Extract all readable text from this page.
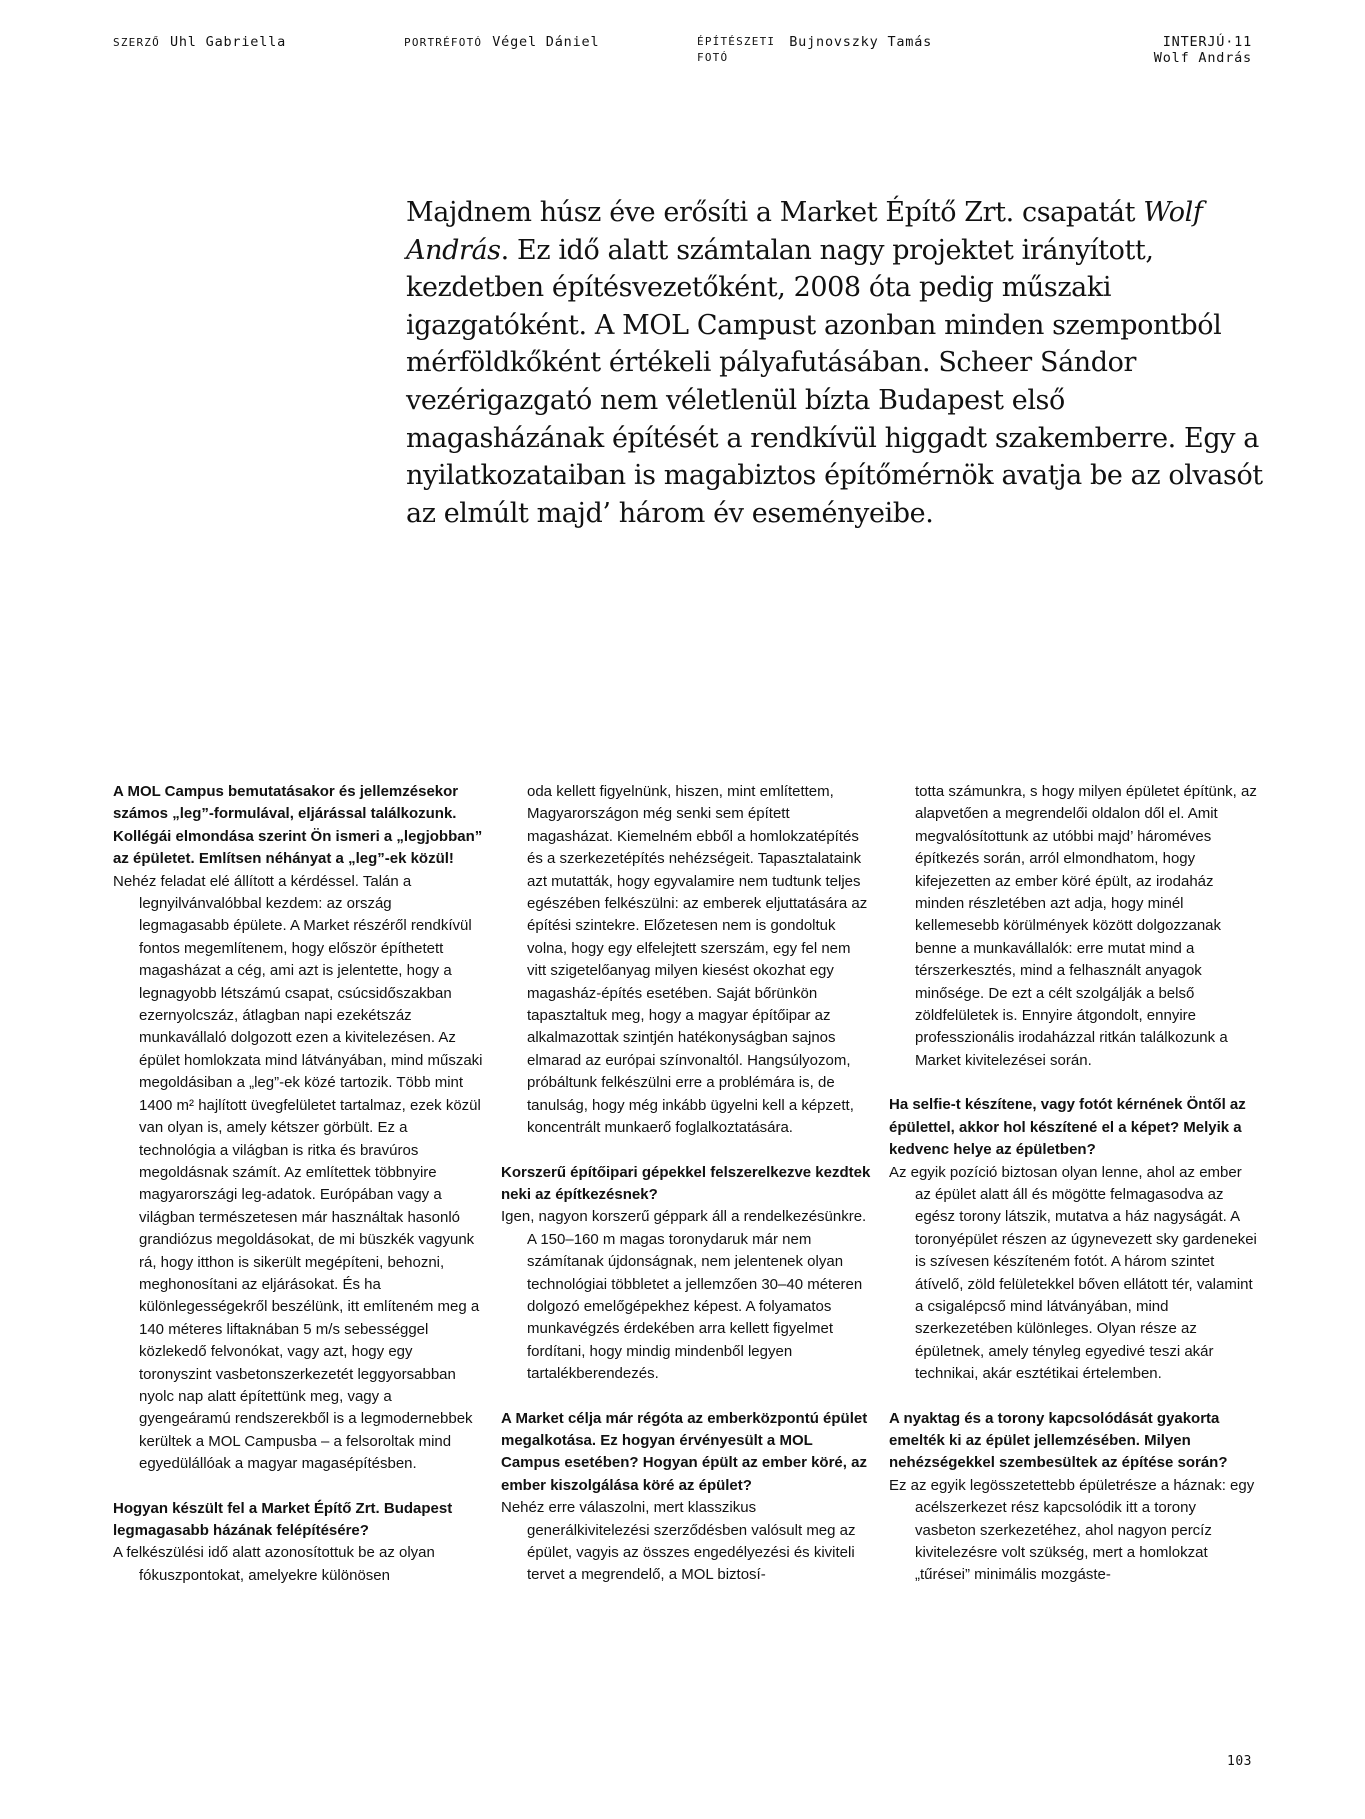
SZERZŐ Uhl Gabriella	PORTRÉFOTÓ Végel Dániel	ÉPÍTÉSZETI
FOTÓBujnovszky Tamás	INTERJÚ·11
Wolf András

Majdnem húsz éve erősíti a Market Építő Zrt. csapatát Wolf András. Ez idő alatt számtalan nagy projektet irányított, kezdetben építésvezetőként, 2008 óta pedig műszaki igazgatóként. A MOL Campust azonban minden szempontból mérföldkőként értékeli pályafutásában. Scheer Sándor vezérigazgató nem véletlenül bízta Budapest első magasházának építését a rendkívül higgadt szakemberre. Egy a nyilatkozataiban is magabiztos építőmérnök avatja be az olvasót az elmúlt majd’ három év eseményeibe.

A MOL Campus bemutatásakor és jellemzésekor számos „leg”-formulával, eljárással találkozunk. Kollégái elmondása szerint Ön ismeri a „legjobban” az épületet. Említsen néhányat a „leg”-ek közül!

Nehéz feladat elé állított a kérdéssel. Talán a legnyilvánvalóbbal kezdem: az ország legmagasabb épülete. A Market részéről rendkívül fontos megemlítenem, hogy először építhetett magasházat a cég, ami azt is jelentette, hogy a legnagyobb létszámú csapat, csúcsidőszakban ezernyolcszáz, átlagban napi ezekétszáz munkavállaló dolgozott ezen a kivitelezésen. Az épület homlokzata mind látványában, mind műszaki megoldásiban a „leg”-ek közé tartozik. Több mint 1400 m² hajlított üvegfelületet tartalmaz, ezek közül van olyan is, amely kétszer görbült. Ez a technológia a világban is ritka és bravúros megoldásnak számít. Az említettek többnyire magyarországi leg-adatok. Európában vagy a világban természetesen már használtak hasonló grandiózus megoldásokat, de mi büszkék vagyunk rá, hogy itthon is sikerült megépíteni, behozni, meghonosítani az eljárásokat. És ha különlegességekről beszélünk, itt említeném meg a 140 méteres liftaknában 5 m/s sebességgel közlekedő felvonókat, vagy azt, hogy egy toronyszint vasbetonszerkezetét leggyorsabban nyolc nap alatt építettünk meg, vagy a gyengeáramú rendszerekből is a legmodernebbek kerültek a MOL Campusba – a felsoroltak mind egyedülállóak a magyar magasépítésben.

Hogyan készült fel a Market Építő Zrt. Budapest legmagasabb házának felépítésére?

A felkészülési idő alatt azonosítottuk be az olyan fókuszpontokat, amelyekre különösen

oda kellett figyelnünk, hiszen, mint említettem, Magyarországon még senki sem épített magasházat. Kiemelném ebből a homlokzatépítés és a szerkezetépítés nehézségeit. Tapasztalataink azt mutatták, hogy egyvalamire nem tudtunk teljes egészében felkészülni: az emberek eljuttatására az építési szintekre. Előzetesen nem is gondoltuk volna, hogy egy elfelejtett szerszám, egy fel nem vitt szigetelőanyag milyen kiesést okozhat egy magasház-építés esetében. Saját bőrünkön tapasztaltuk meg, hogy a magyar építőipar az alkalmazottak szintjén hatékonyságban sajnos elmarad az európai színvonaltól. Hangsúlyozom, próbáltunk felkészülni erre a problémára is, de tanulság, hogy még inkább ügyelni kell a képzett, koncentrált munkaerő foglalkoztatására.

Korszerű építőipari gépekkel felszerelkezve kezdtek neki az építkezésnek?

Igen, nagyon korszerű géppark áll a rendelkezésünkre. A 150–160 m magas toronydaruk már nem számítanak újdonságnak, nem jelentenek olyan technológiai többletet a jellemzően 30–40 méteren dolgozó emelőgépekhez képest. A folyamatos munkavégzés érdekében arra kellett figyelmet fordítani, hogy mindig mindenből legyen tartalékberendezés.

A Market célja már régóta az emberközpontú épület megalkotása. Ez hogyan érvényesült a MOL Campus esetében? Hogyan épült az ember köré, az ember kiszolgálása köré az épület?

Nehéz erre válaszolni, mert klasszikus generálkivitelezési szerződésben valósult meg az épület, vagyis az összes engedélyezési és kiviteli tervet a megrendelő, a MOL biztosí-

totta számunkra, s hogy milyen épületet építünk, az alapvetően a megrendelői oldalon dől el. Amit megvalósítottunk az utóbbi majd’ hároméves építkezés során, arról elmondhatom, hogy kifejezetten az ember köré épült, az irodaház minden részletében azt adja, hogy minél kellemesebb körülmények között dolgozzanak benne a munkavállalók: erre mutat mind a térszerkesztés, mind a felhasznált anyagok minősége. De ezt a célt szolgálják a belső zöldfelületek is. Ennyire átgondolt, ennyire professzionális irodaházzal ritkán találkozunk a Market kivitelezései során.

Ha selfie-t készítene, vagy fotót kérnének Öntől az épülettel, akkor hol készítené el a képet? Melyik a kedvenc helye az épületben?

Az egyik pozíció biztosan olyan lenne, ahol az ember az épület alatt áll és mögötte felmagasodva az egész torony látszik, mutatva a ház nagyságát. A toronyépület részen az úgynevezett sky gardenekei is szívesen készíteném fotót. A három szintet átívelő, zöld felületekkel bőven ellátott tér, valamint a csigalépcső mind látványában, mind szerkezetében különleges. Olyan része az épületnek, amely tényleg egyedivé teszi akár technikai, akár esztétikai értelemben.

A nyaktag és a torony kapcsolódását gyakorta emelték ki az épület jellemzésében. Milyen nehézségekkel szembesültek az építése során?

Ez az egyik legösszetettebb épületrésze a háznak: egy acélszerkezet rész kapcsolódik itt a torony vasbeton szerkezetéhez, ahol nagyon percíz kivitelezésre volt szükség, mert a homlokzat „tűrései” minimális mozgáste-

103
